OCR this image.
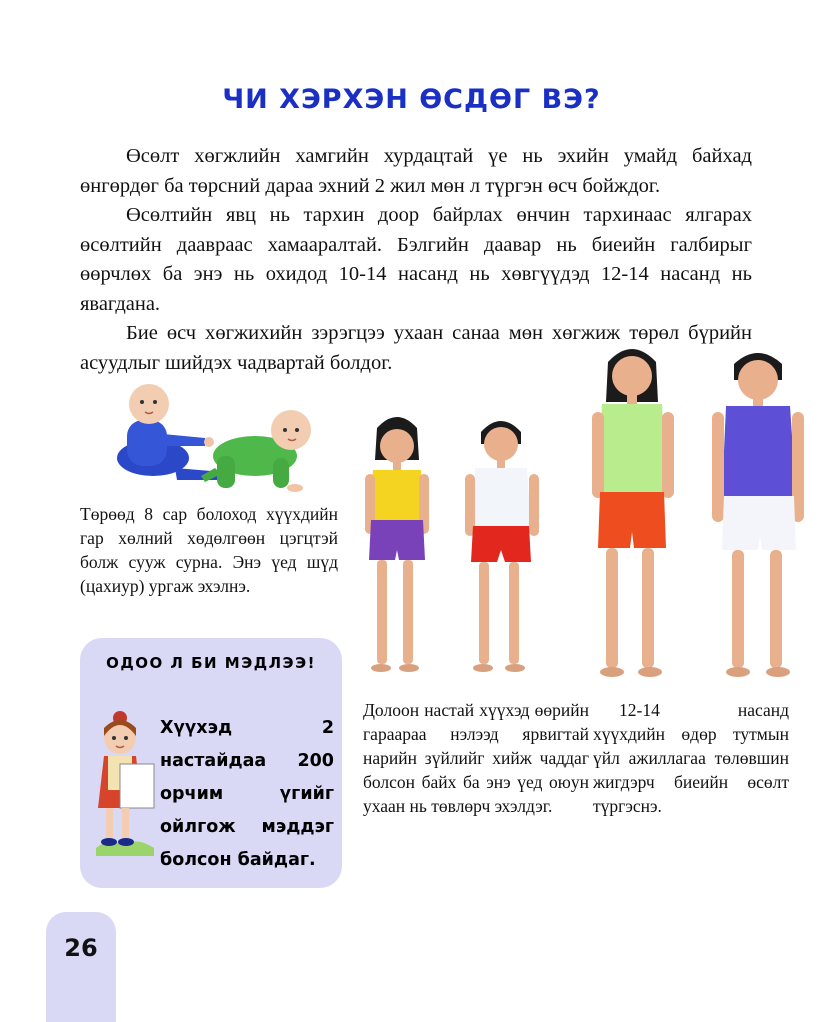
ЧИ ХЭРХЭН ӨСДӨГ ВЭ?

Өсөлт хөгжлийн хамгийн хурдацтай үе нь эхийн умайд байхад өнгөрдөг ба төрсний дараа эхний 2 жил мөн л түргэн өсч бойждог.

Өсөлтийн явц нь тархин доор байрлах өнчин тархинаас ялгарах өсөлтийн дааврaас хамааралтай. Бэлгийн даавар нь биеийн галбирыг өөрчлөх ба энэ нь охидод 10-14 насанд нь хөвгүүдэд 12-14 насанд нь явагдана.

Бие өсч хөгжихийн зэрэгцээ ухаан санаа мөн хөгжиж төрөл бүрийн асуудлыг шийдэх чадвартай болдог.

Төрөөд 8 сар болоход хүүхдийн гар хөлний хөдөлгөөн цэгцтэй болж сууж сурна. Энэ үед шүд (цахиур) ургаж эхэлнэ.
Долоон настай хүүхэд өөрийн гараараа нэлээд ярвигтай нарийн зүйлийг хийж чаддаг болсон байх ба энэ үед оюун ухаан нь төвлөрч эхэлдэг.
12-14 насанд хүүхдийн өдөр тутмын үйл ажиллагаа төлөвшин жигдэрч биеийн өсөлт түргэснэ.
ОДОО Л БИ МЭДЛЭЭ!
Хүүхэд 2 настайдаа 200 орчим үгийг ойлгож мэддэг болсон байдаг.
26
